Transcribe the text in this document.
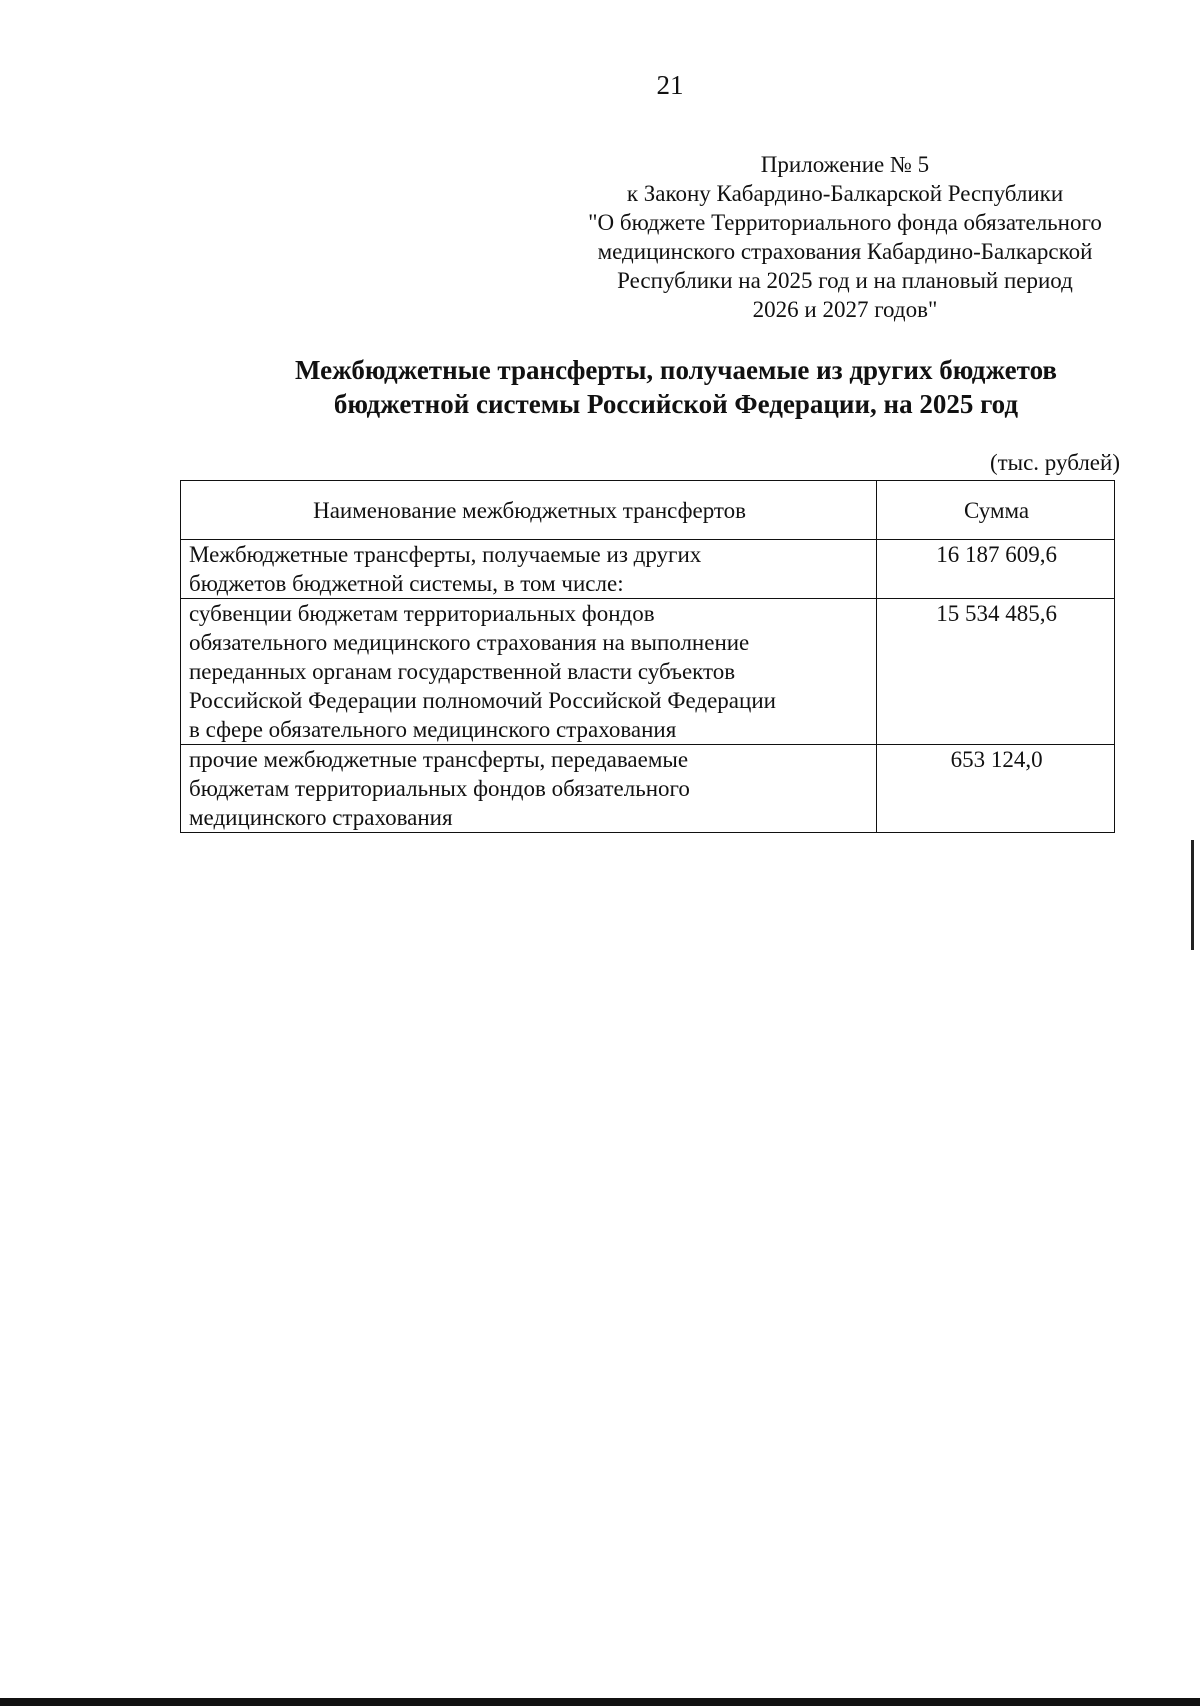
21
Приложение № 5
к Закону Кабардино-Балкарской Республики
"О бюджете Территориального фонда обязательного
медицинского страхования Кабардино-Балкарской
Республики на 2025 год и на плановый период
2026 и 2027 годов"
Межбюджетные трансферты, получаемые из других бюджетов
бюджетной системы Российской Федерации, на 2025 год
(тыс. рублей)
Наименование межбюджетных трансфертов	Сумма

Межбюджетные трансферты, получаемые из других
бюджетов бюджетной системы, в том числе:	16 187 609,6

субвенции бюджетам территориальных фондов
обязательного медицинского страхования на выполнение
переданных органам государственной власти субъектов
Российской Федерации полномочий Российской Федерации
в сфере обязательного медицинского страхования	15 534 485,6

прочие межбюджетные трансферты, передаваемые
бюджетам территориальных фондов обязательного
медицинского страхования	653 124,0
